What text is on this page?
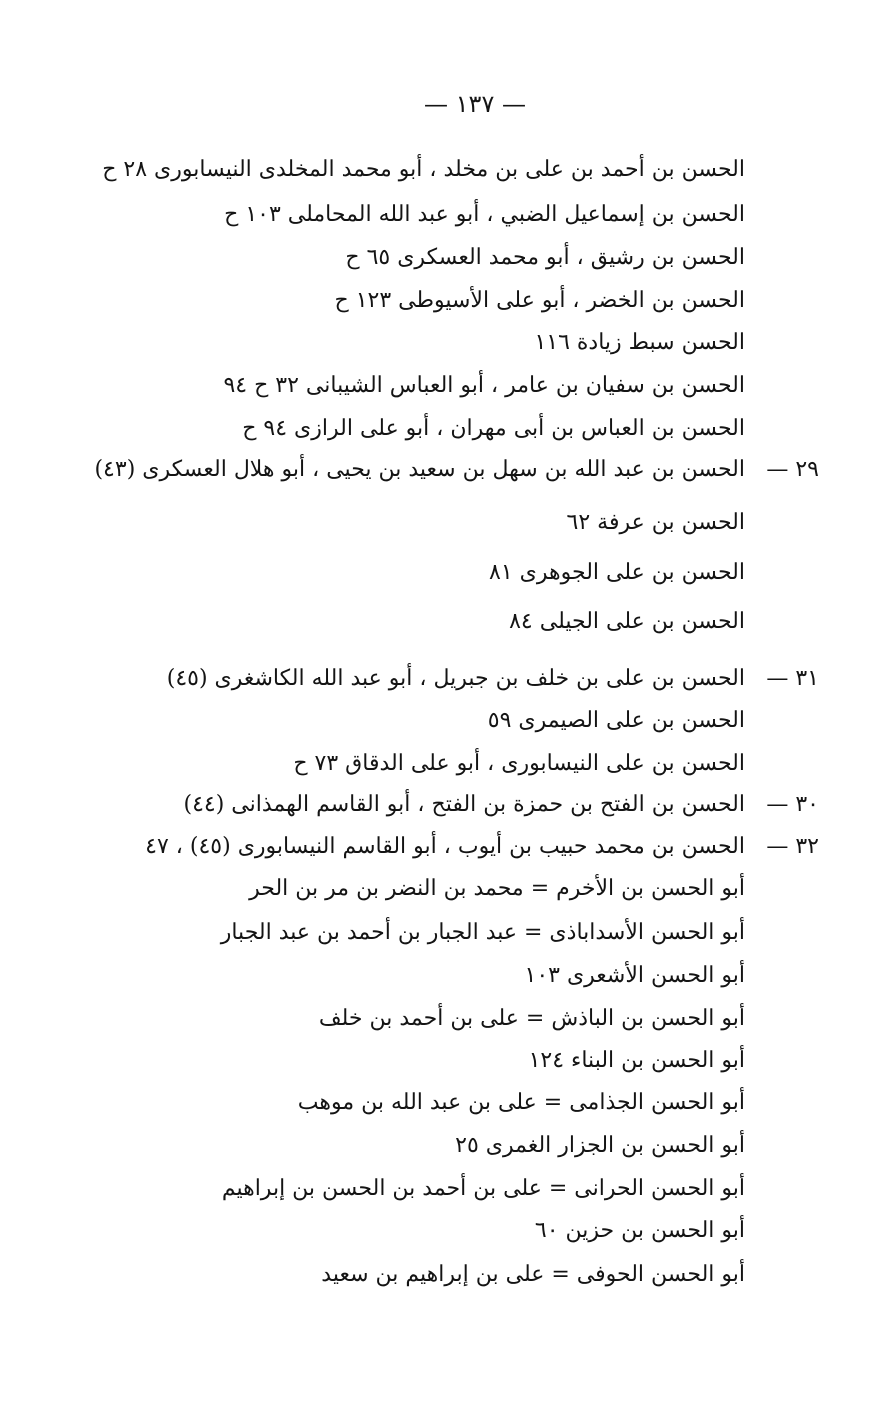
— ١٣٧ —
الحسن بن أحمد بن على بن مخلد ، أبو محمد المخلدى النيسابورى ٢٨ ح
الحسن بن إسماعيل الضبي ، أبو عبد الله المحاملى ١٠٣ ح
الحسن بن رشيق ، أبو محمد العسكرى ٦٥ ح
الحسن بن الخضر ، أبو على الأسيوطى ١٢٣ ح
الحسن سبط زيادة ١١٦
الحسن بن سفيان بن عامر ، أبو العباس الشيبانى ٣٢ ح ٩٤
الحسن بن العباس بن أبى مهران ، أبو على الرازى ٩٤ ح
٢٩ —
الحسن بن عبد الله بن سهل بن سعيد بن يحيى ، أبو هلال العسكرى (٤٣)
الحسن بن عرفة ٦٢
الحسن بن على الجوهرى ٨١
الحسن بن على الجيلى ٨٤
٣١ —
الحسن بن على بن خلف بن جبريل ، أبو عبد الله الكاشغرى (٤٥)
الحسن بن على الصيمرى ٥٩
الحسن بن على النيسابورى ، أبو على الدقاق ٧٣ ح
٣٠ —
الحسن بن الفتح بن حمزة بن الفتح ، أبو القاسم الهمذانى (٤٤)
٣٢ —
الحسن بن محمد حبيب بن أيوب ، أبو القاسم النيسابورى (٤٥) ، ٤٧
أبو الحسن بن الأخرم = محمد بن النضر بن مر بن الحر
أبو الحسن الأسداباذى = عبد الجبار بن أحمد بن عبد الجبار
أبو الحسن الأشعرى ١٠٣
أبو الحسن بن الباذش = على بن أحمد بن خلف
أبو الحسن بن البناء ١٢٤
أبو الحسن الجذامى = على بن عبد الله بن موهب
أبو الحسن بن الجزار الغمرى ٢٥
أبو الحسن الحرانى = على بن أحمد بن الحسن بن إبراهيم
أبو الحسن بن حزين ٦٠
أبو الحسن الحوفى = على بن إبراهيم بن سعيد
